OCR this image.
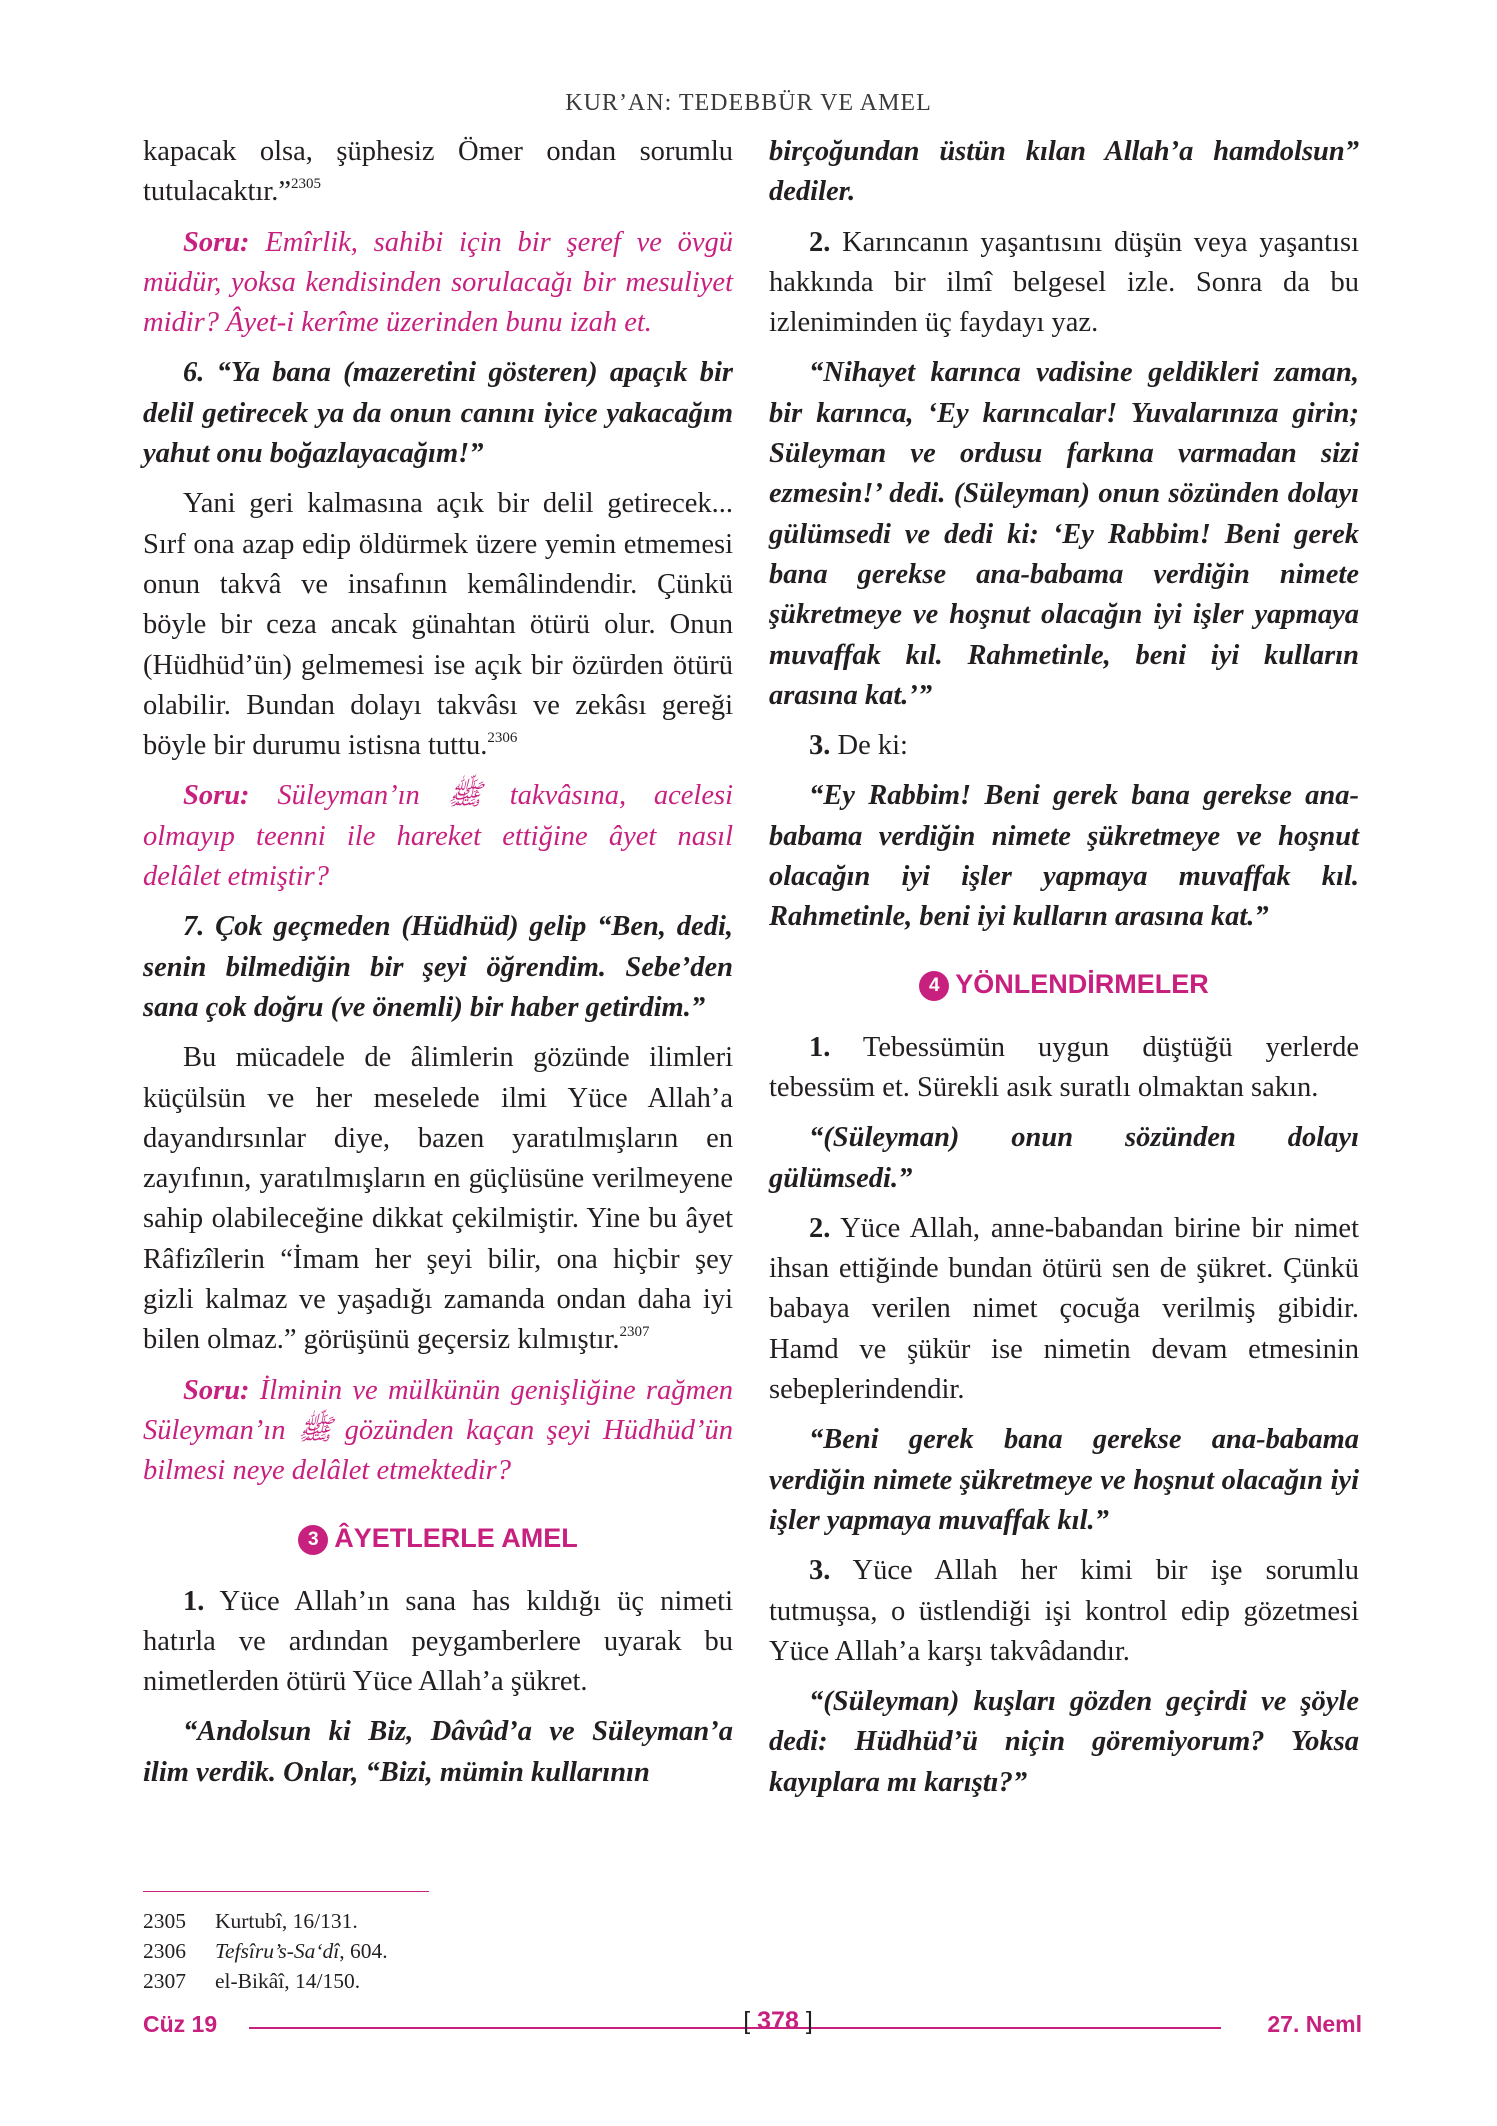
KUR’AN: TEDEBBÜR VE AMEL

kapacak olsa, şüphesiz Ömer ondan sorumlu tutulacaktır.”$^{2305}$

Soru: Emîrlik, sahibi için bir şeref ve övgü müdür, yoksa kendisinden sorulacağı bir mesuliyet midir? Âyet-i kerîme üzerinden bunu izah et.

6. “Ya bana (mazeretini gösteren) apaçık bir delil getirecek ya da onun canını iyice yakacağım yahut onu boğazlayacağım!”

Yani geri kalmasına açık bir delil getirecek... Sırf ona azap edip öldürmek üzere yemin etmemesi onun takvâ ve insafının kemâlindendir. Çünkü böyle bir ceza ancak günahtan ötürü olur. Onun (Hüdhüd’ün) gelmemesi ise açık bir özürden ötürü olabilir. Bundan dolayı takvâsı ve zekâsı gereği böyle bir durumu istisna tuttu.$^{2306}$

Soru: Süleyman’ın ﷺ takvâsına, acelesi olmayıp teenni ile hareket ettiğine âyet nasıl delâlet etmiştir?

7. Çok geçmeden (Hüdhüd) gelip “Ben, dedi, senin bilmediğin bir şeyi öğrendim. Sebe’den sana çok doğru (ve önemli) bir haber getirdim.”

Bu mücadele de âlimlerin gözünde ilimleri küçülsün ve her meselede ilmi Yüce Allah’a dayandırsınlar diye, bazen yaratılmışların en zayıfının, yaratılmışların en güçlüsüne verilmeyene sahip olabileceğine dikkat çekilmiştir. Yine bu âyet Râfizîlerin “İmam her şeyi bilir, ona hiçbir şey gizli kalmaz ve yaşadığı zamanda ondan daha iyi bilen olmaz.” görüşünü geçersiz kılmıştır.$^{2307}$

Soru: İlminin ve mülkünün genişliğine rağmen Süleyman’ın ﷺ gözünden kaçan şeyi Hüdhüd’ün bilmesi neye delâlet etmektedir?

3 ÂYETLERLE AMEL

1. Yüce Allah’ın sana has kıldığı üç nimeti hatırla ve ardından peygamberlere uyarak bu nimetlerden ötürü Yüce Allah’a şükret.

“Andolsun ki Biz, Dâvûd’a ve Süleyman’a ilim verdik. Onlar, “Bizi, mümin kullarının

birçoğundan üstün kılan Allah’a hamdolsun” dediler.

2. Karıncanın yaşantısını düşün veya yaşantısı hakkında bir ilmî belgesel izle. Sonra da bu izleniminden üç faydayı yaz.

“Nihayet karınca vadisine geldikleri zaman, bir karınca, ‘Ey karıncalar! Yuvalarınıza girin; Süleyman ve ordusu farkına varmadan sizi ezmesin!’ dedi. (Süleyman) onun sözünden dolayı gülümsedi ve dedi ki: ‘Ey Rabbim! Beni gerek bana gerekse ana-babama verdiğin nimete şükretmeye ve hoşnut olacağın iyi işler yapmaya muvaffak kıl. Rahmetinle, beni iyi kulların arasına kat.’”

3. De ki:

“Ey Rabbim! Beni gerek bana gerekse ana-babama verdiğin nimete şükretmeye ve hoşnut olacağın iyi işler yapmaya muvaffak kıl. Rahmetinle, beni iyi kulların arasına kat.”

4 YÖNLENDİRMELER

1. Tebessümün uygun düştüğü yerlerde tebessüm et. Sürekli asık suratlı olmaktan sakın.

“(Süleyman) onun sözünden dolayı gülümsedi.”

2. Yüce Allah, anne-babandan birine bir nimet ihsan ettiğinde bundan ötürü sen de şükret. Çünkü babaya verilen nimet çocuğa verilmiş gibidir. Hamd ve şükür ise nimetin devam etmesinin sebeplerindendir.

“Beni gerek bana gerekse ana-babama verdiğin nimete şükretmeye ve hoşnut olacağın iyi işler yapmaya muvaffak kıl.”

3. Yüce Allah her kimi bir işe sorumlu tutmuşsa, o üstlendiği işi kontrol edip gözetmesi Yüce Allah’a karşı takvâdandır.

“(Süleyman) kuşları gözden geçirdi ve şöyle dedi: Hüdhüd’ü niçin göremiyorum? Yoksa kayıplara mı karıştı?”

2305 Kurtubî, 16/131.
2306 Tefsîru’s-Sa‘dî, 604.
2307 el-Bikâî, 14/150.
Cüz 19	[ 378 ]	27. Neml
